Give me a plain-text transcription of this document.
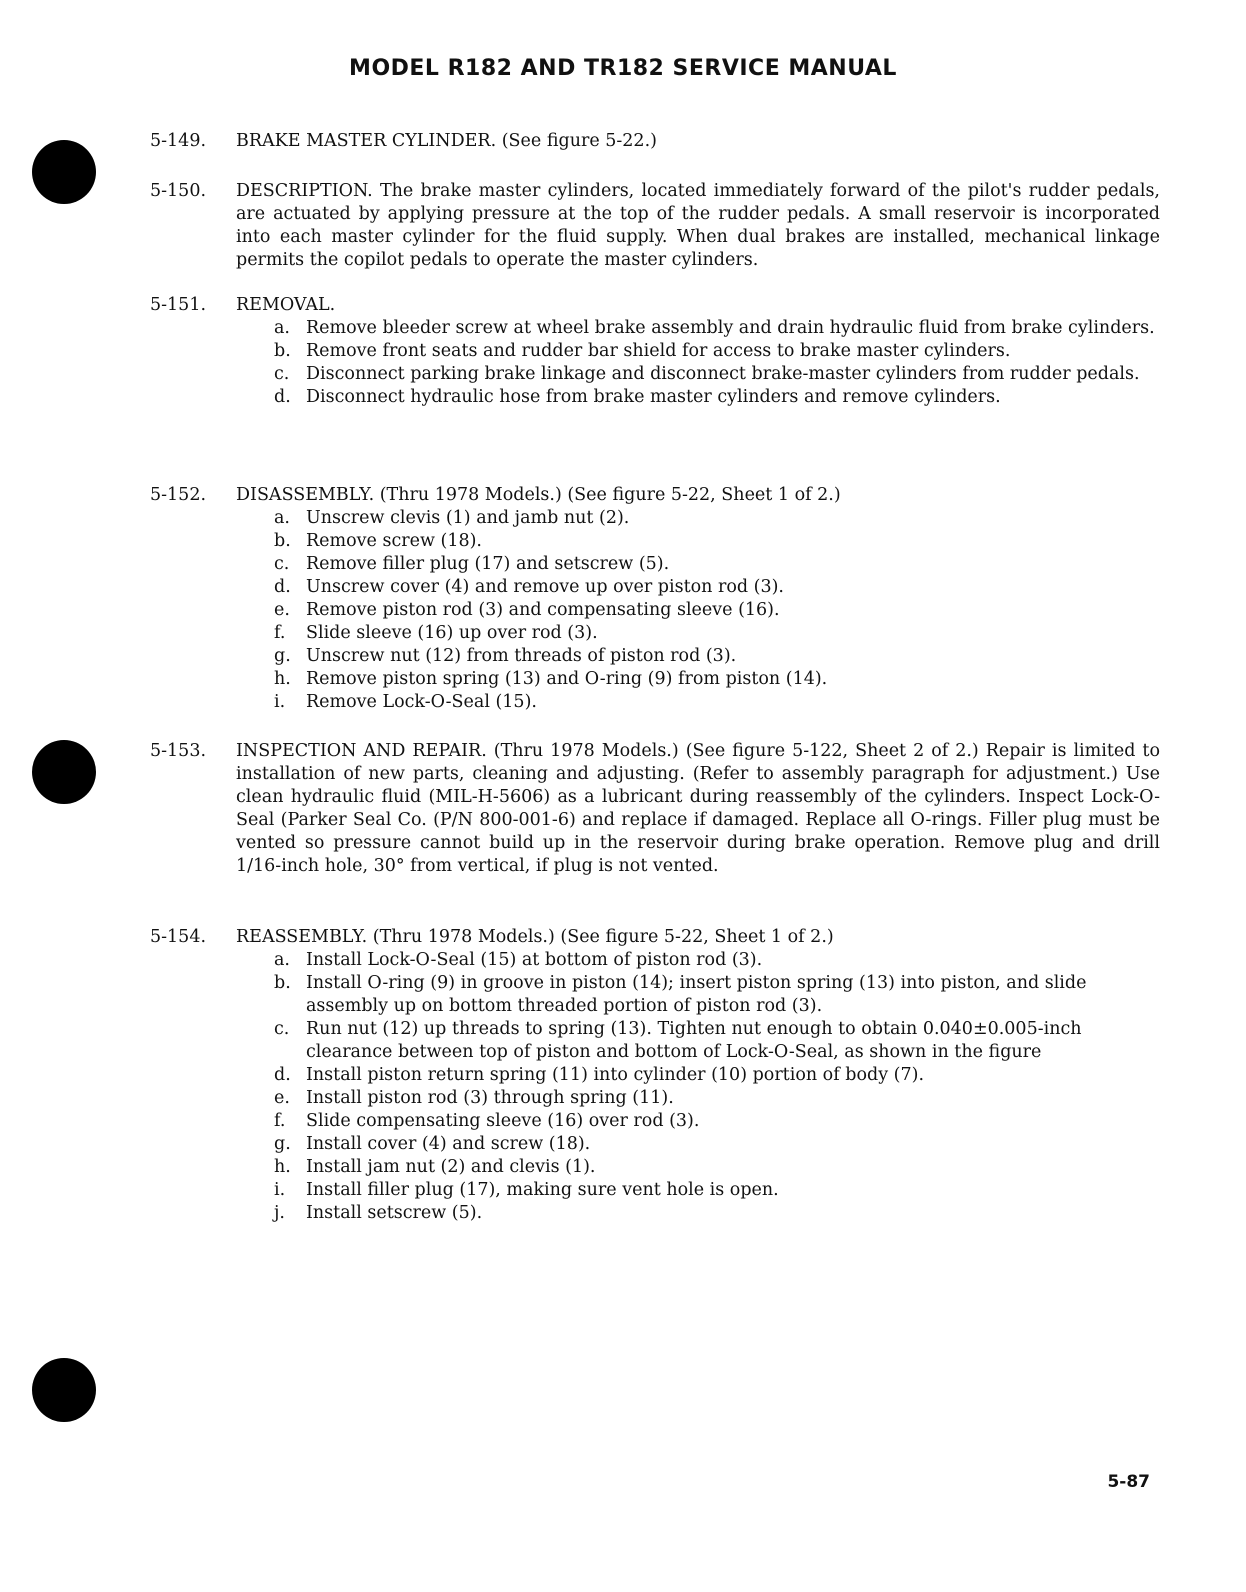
MODEL R182 AND TR182 SERVICE MANUAL
5-149.	BRAKE MASTER CYLINDER. (See figure 5-22.)
5-150.	DESCRIPTION. The brake master cylinders, located immediately forward of the pilot's rudder pedals, are actuated by applying pressure at the top of the rudder pedals. A small reservoir is incorporated into each master cylinder for the fluid supply. When dual brakes are installed, mechanical linkage permits the copilot pedals to operate the master cylinders.
5-151.	REMOVAL.
a. Remove bleeder screw at wheel brake assembly and drain hydraulic fluid from brake cylinders.
b. Remove front seats and rudder bar shield for access to brake master cylinders.
c. Disconnect parking brake linkage and disconnect brake-master cylinders from rudder pedals.
d. Disconnect hydraulic hose from brake master cylinders and remove cylinders.
5-152.	DISASSEMBLY. (Thru 1978 Models.) (See figure 5-22, Sheet 1 of 2.)
a. Unscrew clevis (1) and jamb nut (2).
b. Remove screw (18).
c. Remove filler plug (17) and setscrew (5).
d. Unscrew cover (4) and remove up over piston rod (3).
e. Remove piston rod (3) and compensating sleeve (16).
f. Slide sleeve (16) up over rod (3).
g. Unscrew nut (12) from threads of piston rod (3).
h. Remove piston spring (13) and O-ring (9) from piston (14).
i. Remove Lock-O-Seal (15).
5-153.	INSPECTION AND REPAIR. (Thru 1978 Models.) (See figure 5-122, Sheet 2 of 2.) Repair is limited to installation of new parts, cleaning and adjusting. (Refer to assembly paragraph for adjustment.) Use clean hydraulic fluid (MIL-H-5606) as a lubricant during reassembly of the cylinders. Inspect Lock-O-Seal (Parker Seal Co. (P/N 800-001-6) and replace if damaged. Replace all O-rings. Filler plug must be vented so pressure cannot build up in the reservoir during brake operation. Remove plug and drill 1/16-inch hole, 30° from vertical, if plug is not vented.
5-154.	REASSEMBLY. (Thru 1978 Models.) (See figure 5-22, Sheet 1 of 2.)
a. Install Lock-O-Seal (15) at bottom of piston rod (3).
b. Install O-ring (9) in groove in piston (14); insert piston spring (13) into piston, and slide assembly up on bottom threaded portion of piston rod (3).
c. Run nut (12) up threads to spring (13). Tighten nut enough to obtain 0.040±0.005-inch clearance between top of piston and bottom of Lock-O-Seal, as shown in the figure
d. Install piston return spring (11) into cylinder (10) portion of body (7).
e. Install piston rod (3) through spring (11).
f. Slide compensating sleeve (16) over rod (3).
g. Install cover (4) and screw (18).
h. Install jam nut (2) and clevis (1).
i. Install filler plug (17), making sure vent hole is open.
j. Install setscrew (5).
5-87
